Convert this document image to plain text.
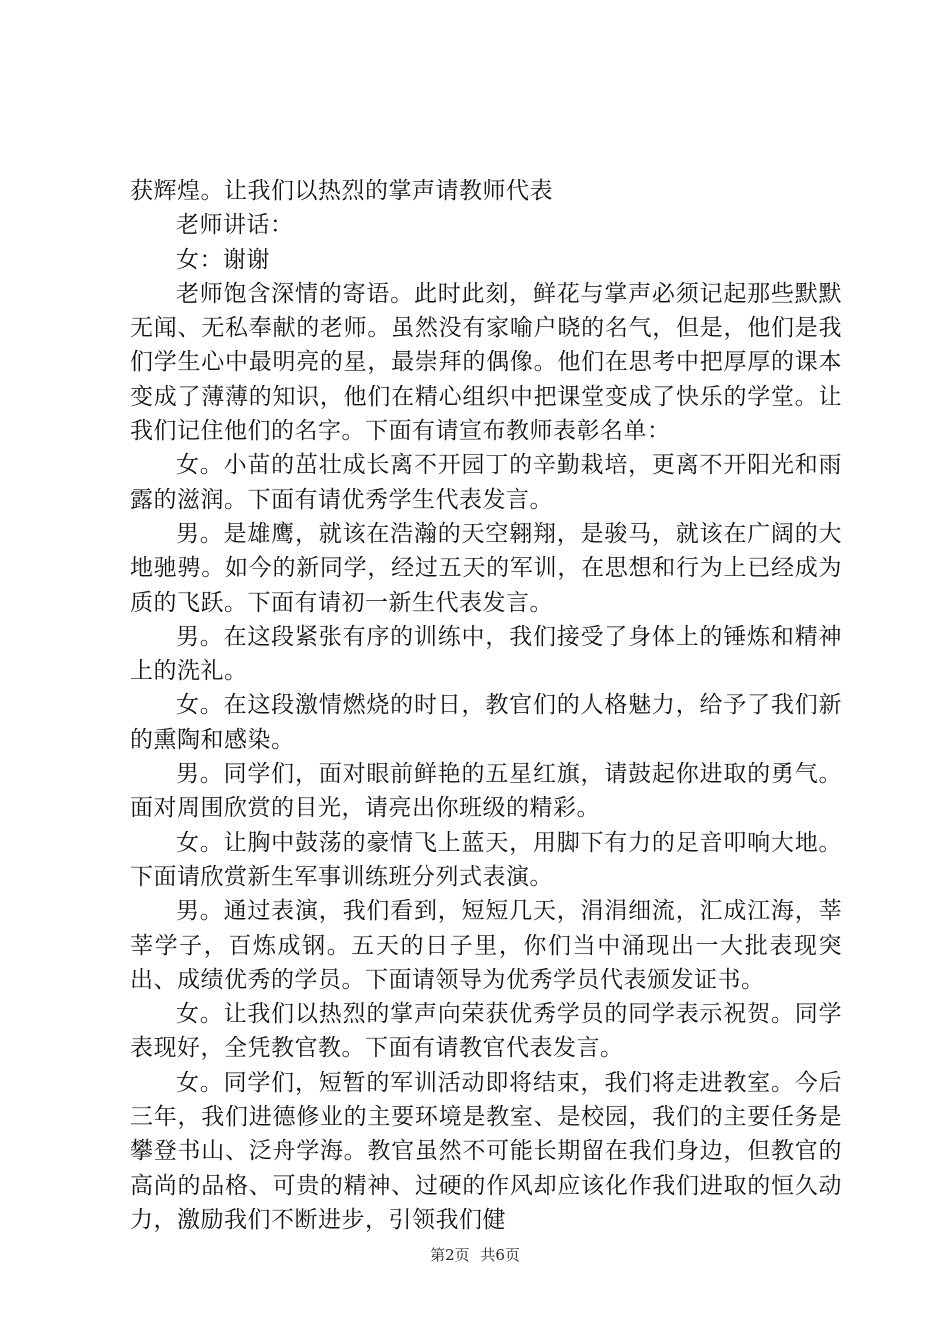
获辉煌。让我们以热烈的掌声请教师代表

老师讲话：

女：谢谢

老师饱含深情的寄语。此时此刻，鲜花与掌声必须记起那些默默无闻、无私奉献的老师。虽然没有家喻户晓的名气，但是，他们是我们学生心中最明亮的星，最崇拜的偶像。他们在思考中把厚厚的课本变成了薄薄的知识，他们在精心组织中把课堂变成了快乐的学堂。让我们记住他们的名字。下面有请宣布教师表彰名单：

女。小苗的茁壮成长离不开园丁的辛勤栽培，更离不开阳光和雨露的滋润。下面有请优秀学生代表发言。

男。是雄鹰，就该在浩瀚的天空翱翔，是骏马，就该在广阔的大地驰骋。如今的新同学，经过五天的军训，在思想和行为上已经成为质的飞跃。下面有请初一新生代表发言。

男。在这段紧张有序的训练中，我们接受了身体上的锤炼和精神上的洗礼。

女。在这段激情燃烧的时日，教官们的人格魅力，给予了我们新的熏陶和感染。

男。同学们，面对眼前鲜艳的五星红旗，请鼓起你进取的勇气。面对周围欣赏的目光，请亮出你班级的精彩。

女。让胸中鼓荡的豪情飞上蓝天，用脚下有力的足音叩响大地。下面请欣赏新生军事训练班分列式表演。

男。通过表演，我们看到，短短几天，涓涓细流，汇成江海，莘莘学子，百炼成钢。五天的日子里，你们当中涌现出一大批表现突出、成绩优秀的学员。下面请领导为优秀学员代表颁发证书。

女。让我们以热烈的掌声向荣获优秀学员的同学表示祝贺。同学表现好，全凭教官教。下面有请教官代表发言。

女。同学们，短暂的军训活动即将结束，我们将走进教室。今后三年，我们进德修业的主要环境是教室、是校园，我们的主要任务是攀登书山、泛舟学海。教官虽然不可能长期留在我们身边，但教官的高尚的品格、可贵的精神、过硬的作风却应该化作我们进取的恒久动力，激励我们不断进步，引领我们健

第2页 共6页
